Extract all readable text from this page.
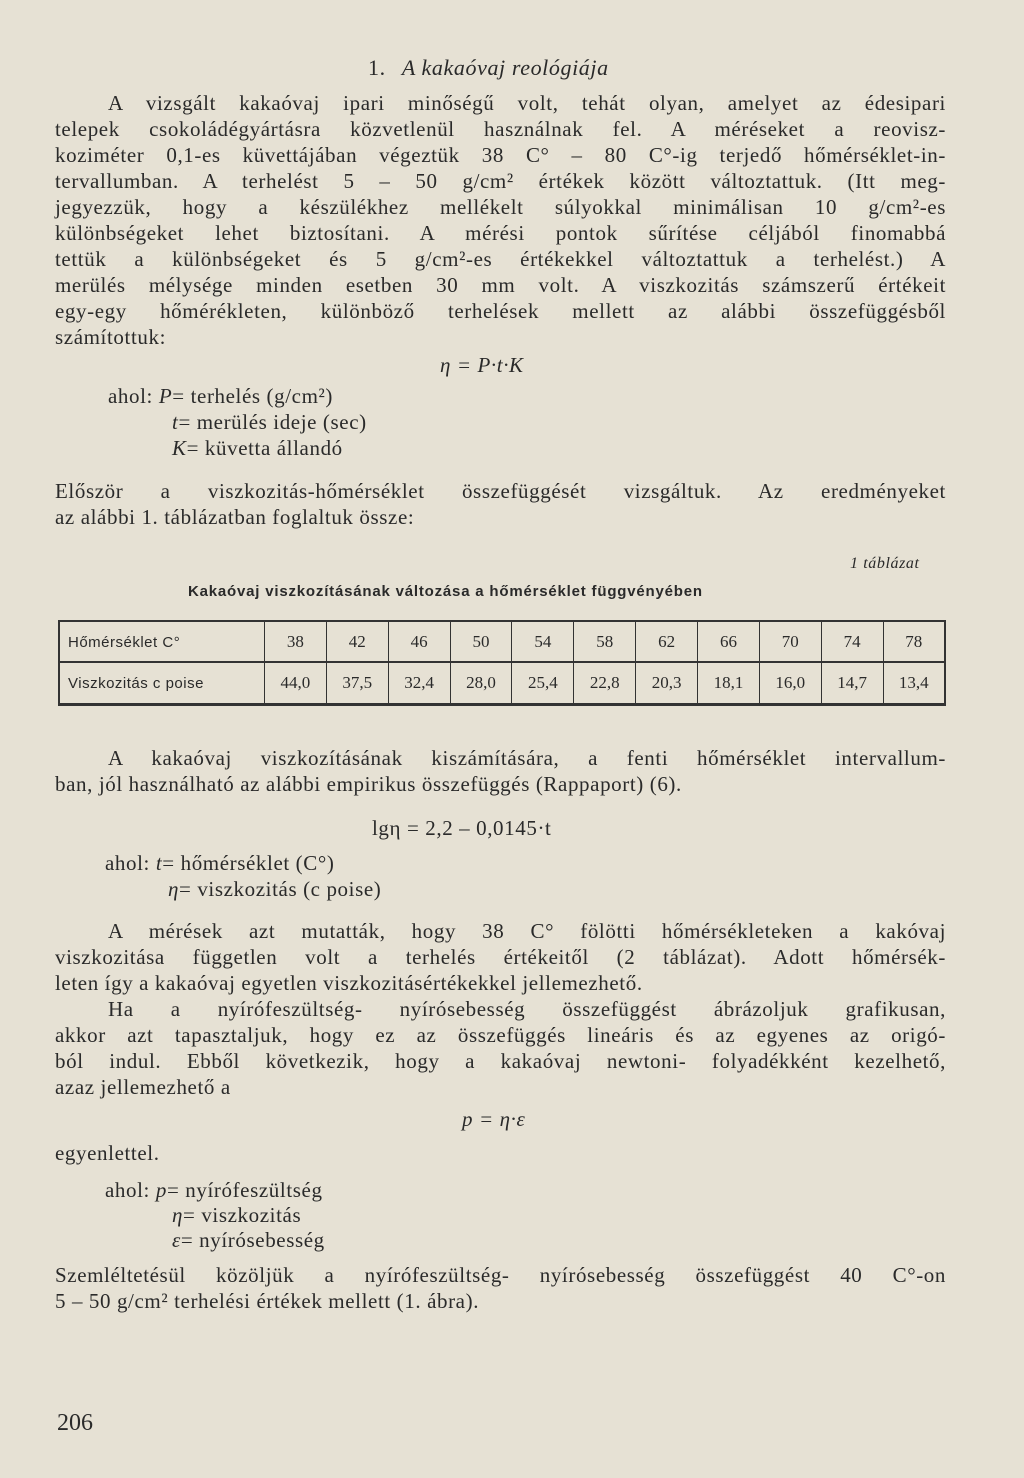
1. A kakaóvaj reológiája
A vizsgált kakaóvaj ipari minőségű volt, tehát olyan, amelyet az édesipari
telepek csokoládégyártásra közvetlenül használnak fel. A méréseket a reovisz-
koziméter 0,1-es küvettájában végeztük 38 C° – 80 C°-ig terjedő hőmérséklet-in-
tervallumban. A terhelést 5 – 50 g/cm² értékek között változtattuk. (Itt meg-
jegyezzük, hogy a készülékhez mellékelt súlyokkal minimálisan 10 g/cm²-es
különbségeket lehet biztosítani. A mérési pontok sűrítése céljából finomabbá
tettük a különbségeket és 5 g/cm²-es értékekkel változtattuk a terhelést.) A
merülés mélysége minden esetben 30 mm volt. A viszkozitás számszerű értékeit
egy-egy hőmérékleten, különböző terhelések mellett az alábbi összefüggésből
számítottuk:
η = P·t·K
ahol: P= terhelés (g/cm²)
t= merülés ideje (sec)
K= küvetta állandó
Először a viszkozitás-hőmérséklet összefüggését vizsgáltuk. Az eredményeket
az alábbi 1. táblázatban foglaltuk össze:
1 táblázat
Kakaóvaj viszkozításának változása a hőmérséklet függvényében
Hőmérséklet C°	38	42	46	50	54	58	62	66	70	74	78
Viszkozitás c poise	44,0	37,5	32,4	28,0	25,4	22,8	20,3	18,1	16,0	14,7	13,4
A kakaóvaj viszkozításának kiszámítására, a fenti hőmérséklet intervallum-
ban, jól használható az alábbi empirikus összefüggés (Rappaport) (6).
lgη = 2,2 – 0,0145·t
ahol: t= hőmérséklet (C°)
η= viszkozitás (c poise)
A mérések azt mutatták, hogy 38 C° fölötti hőmérsékleteken a kakóvaj
viszkozitása független volt a terhelés értékeitől (2 táblázat). Adott hőmérsék-
leten így a kakaóvaj egyetlen viszkozitásértékekkel jellemezhető.
Ha a nyírófeszültség- nyírósebesség összefüggést ábrázoljuk grafikusan,
akkor azt tapasztaljuk, hogy ez az összefüggés lineáris és az egyenes az origó-
ból indul. Ebből következik, hogy a kakaóvaj newtoni- folyadékként kezelhető,
azaz jellemezhető a
p = η·ε
egyenlettel.
ahol: p= nyírófeszültség
η= viszkozitás
ε= nyírósebesség
Szemléltetésül közöljük a nyírófeszültség- nyírósebesség összefüggést 40 C°-on
5 – 50 g/cm² terhelési értékek mellett (1. ábra).
206
